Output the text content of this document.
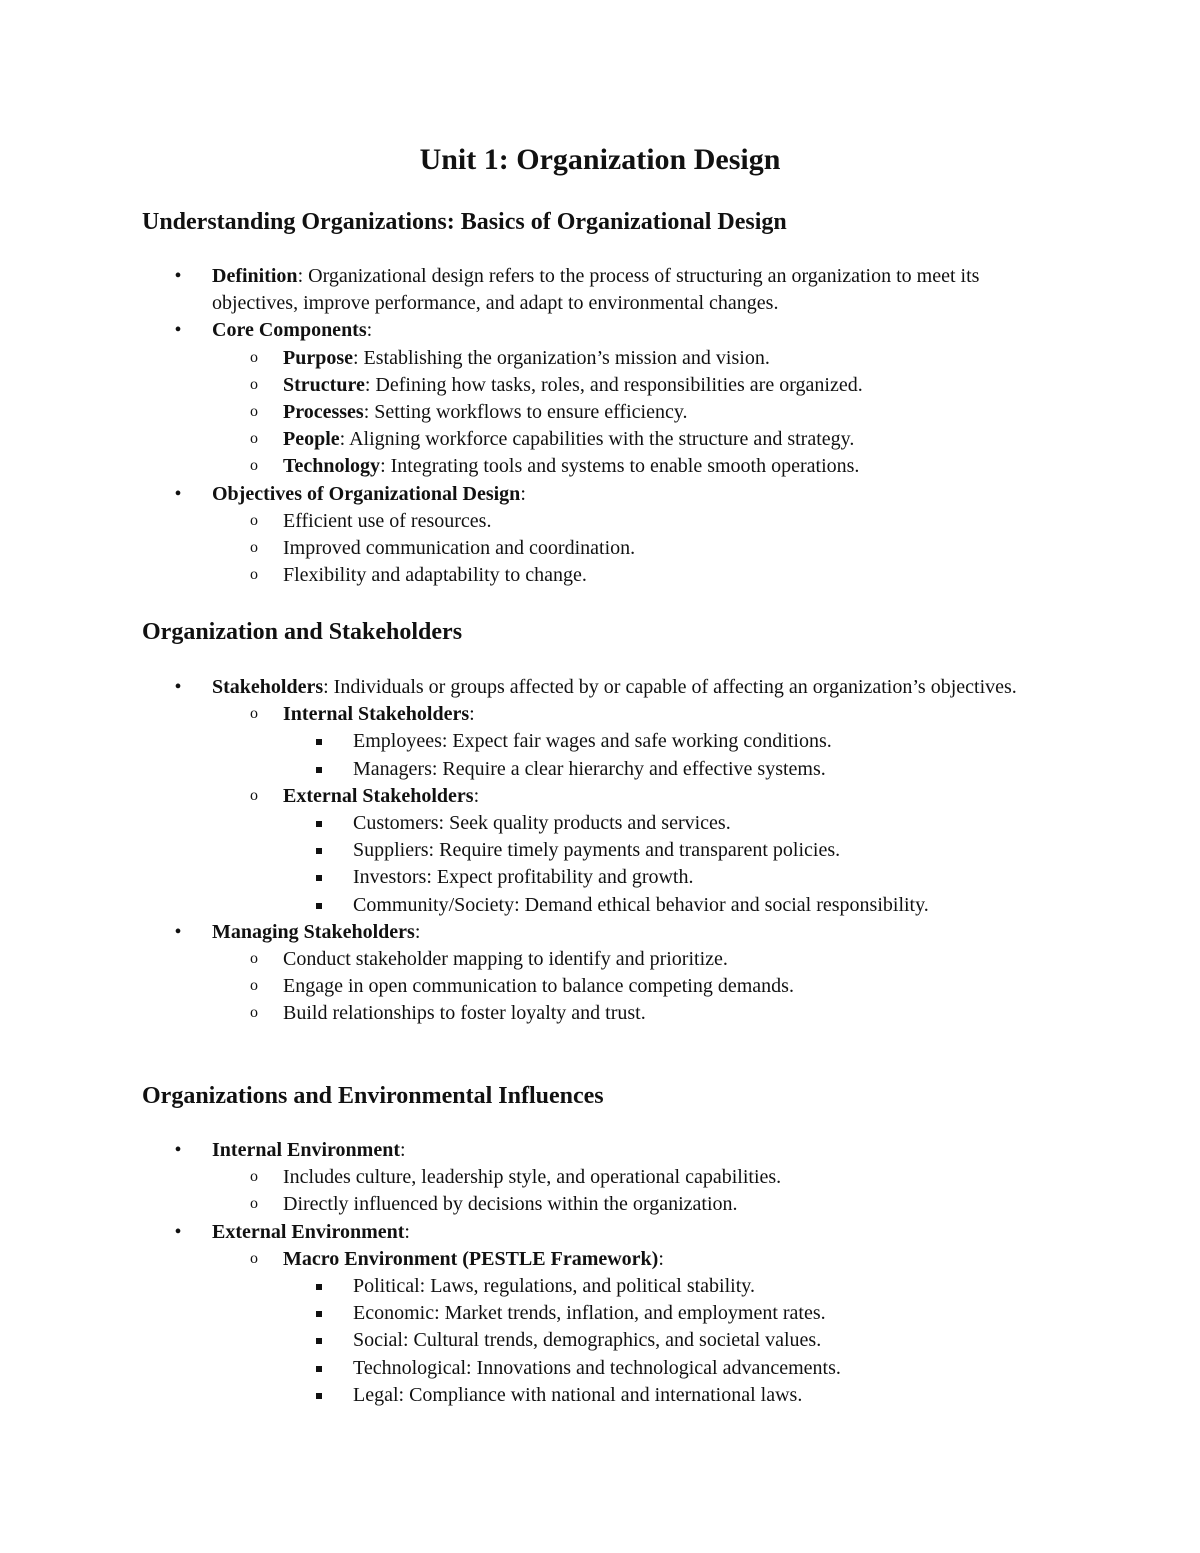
Unit 1: Organization Design
Understanding Organizations: Basics of Organizational Design
• Definition: Organizational design refers to the process of structuring an organization to meet its objectives, improve performance, and adapt to environmental changes.
• Core Components:
o Purpose: Establishing the organization’s mission and vision.
o Structure: Defining how tasks, roles, and responsibilities are organized.
o Processes: Setting workflows to ensure efficiency.
o People: Aligning workforce capabilities with the structure and strategy.
o Technology: Integrating tools and systems to enable smooth operations.
• Objectives of Organizational Design:
o Efficient use of resources.
o Improved communication and coordination.
o Flexibility and adaptability to change.
Organization and Stakeholders
• Stakeholders: Individuals or groups affected by or capable of affecting an organization’s objectives.
o Internal Stakeholders:
Employees: Expect fair wages and safe working conditions.
Managers: Require a clear hierarchy and effective systems.
o External Stakeholders:
Customers: Seek quality products and services.
Suppliers: Require timely payments and transparent policies.
Investors: Expect profitability and growth.
Community/Society: Demand ethical behavior and social responsibility.
• Managing Stakeholders:
o Conduct stakeholder mapping to identify and prioritize.
o Engage in open communication to balance competing demands.
o Build relationships to foster loyalty and trust.
Organizations and Environmental Influences
• Internal Environment:
o Includes culture, leadership style, and operational capabilities.
o Directly influenced by decisions within the organization.
• External Environment:
o Macro Environment (PESTLE Framework):
Political: Laws, regulations, and political stability.
Economic: Market trends, inflation, and employment rates.
Social: Cultural trends, demographics, and societal values.
Technological: Innovations and technological advancements.
Legal: Compliance with national and international laws.
